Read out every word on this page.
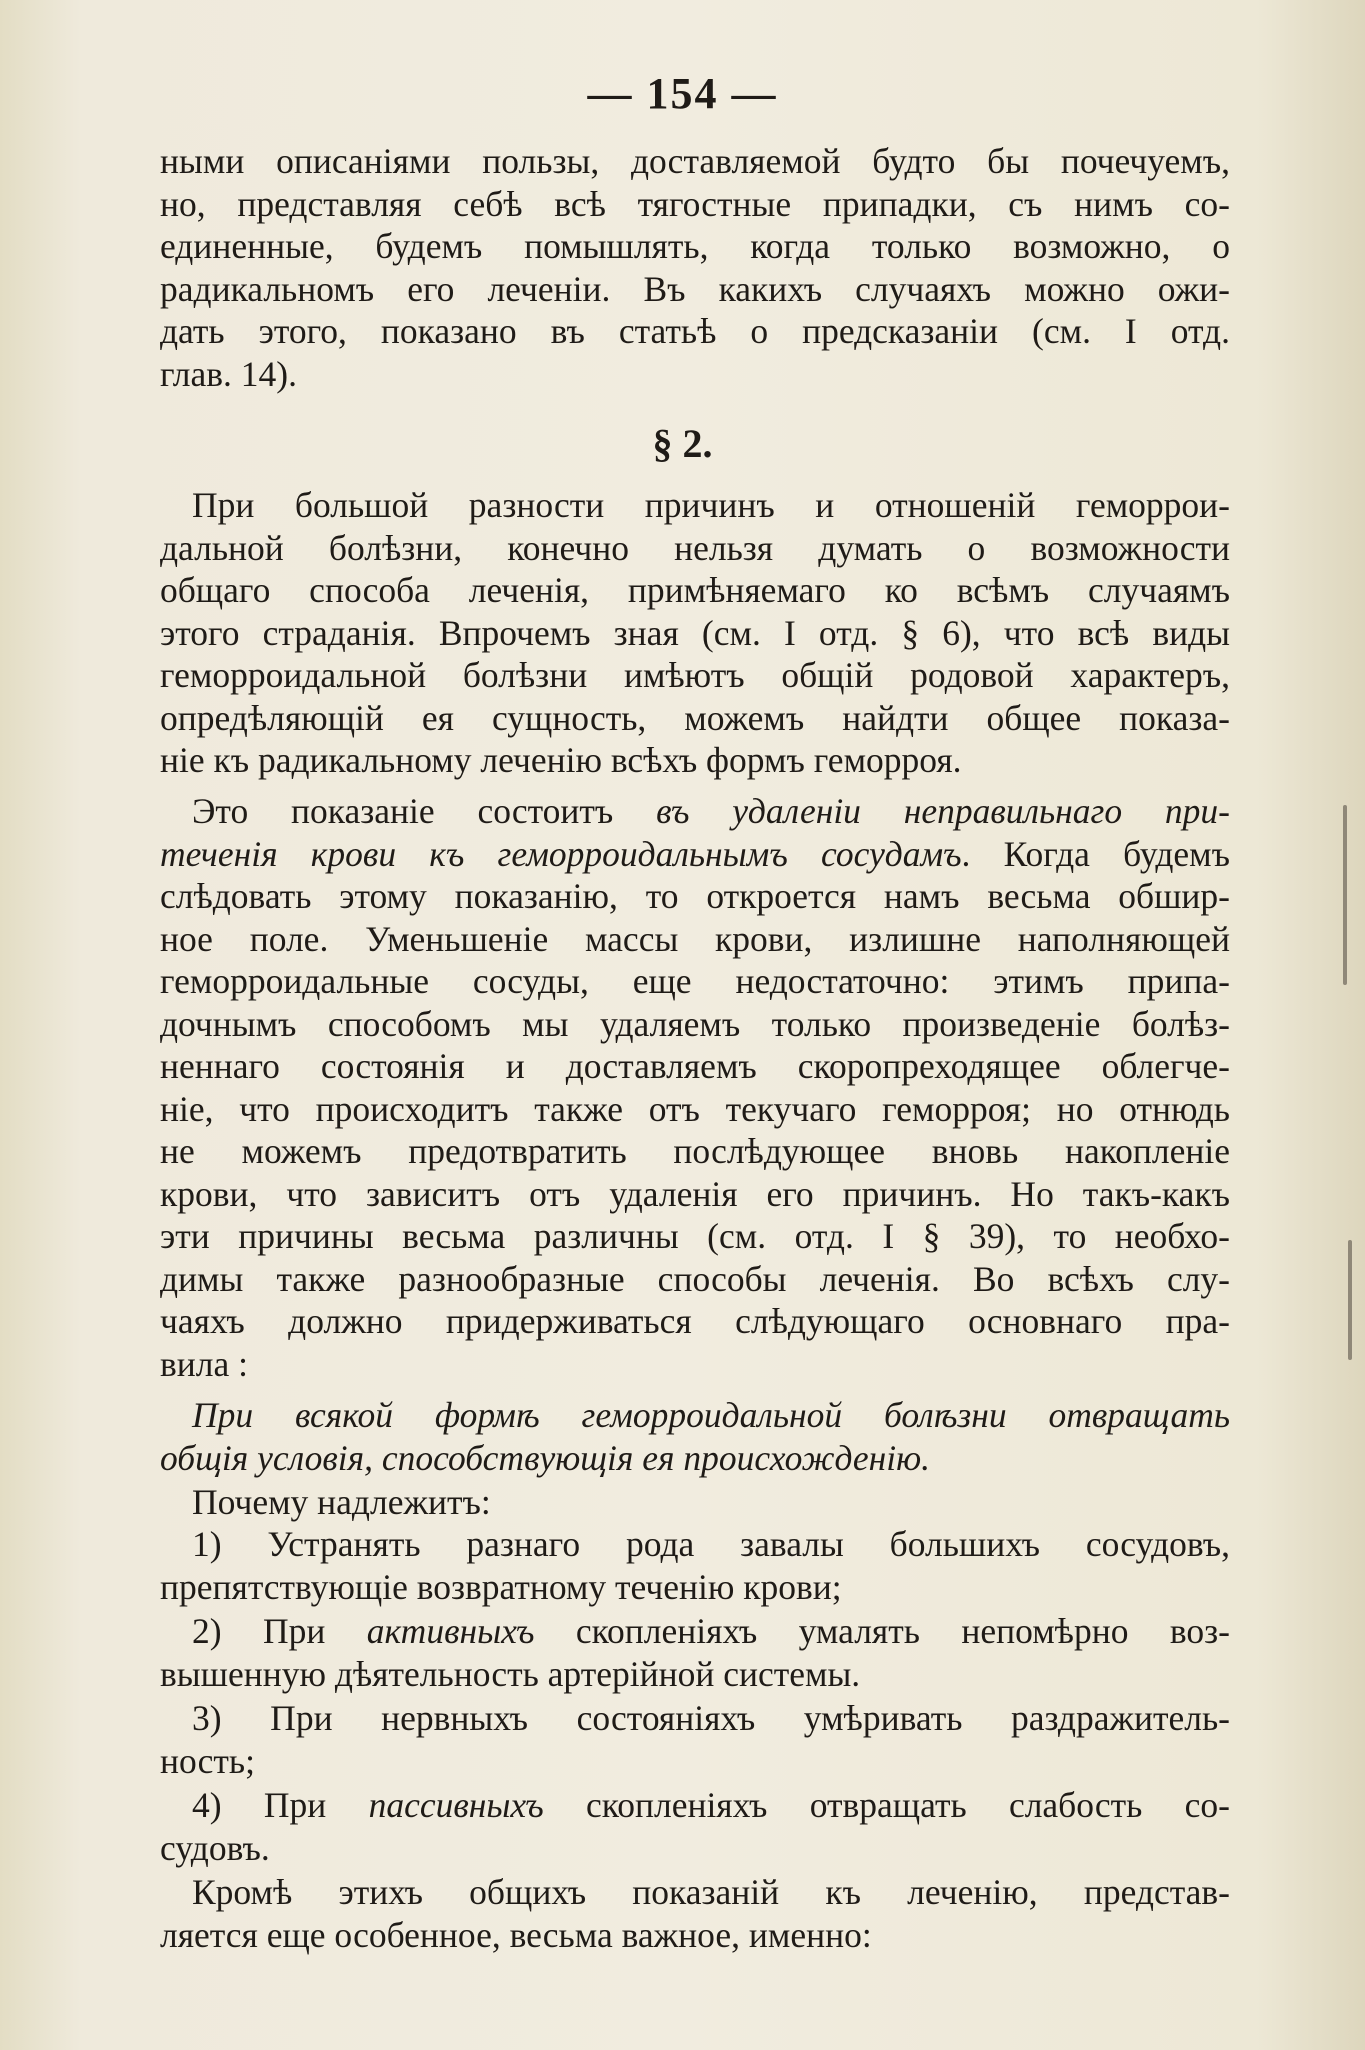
— 154 —
ными описаніями пользы, доставляемой будто бы почечуемъ,
но, представляя себѣ всѣ тягостные припадки, съ нимъ со-
единенные, будемъ помышлять, когда только возможно, о
радикальномъ его леченіи. Въ какихъ случаяхъ можно ожи-
дать этого, показано въ статьѣ о предсказаніи (см. I отд.
глав. 14).
§ 2.
При большой разности причинъ и отношеній геморрои-
дальной болѣзни, конечно нельзя думать о возможности
общаго способа леченія, примѣняемаго ко всѣмъ случаямъ
этого страданія. Впрочемъ зная (см. I отд. § 6), что всѣ виды
геморроидальной болѣзни имѣютъ общій родовой характеръ,
опредѣляющій ея сущность, можемъ найдти общее показа-
ніе къ радикальному леченію всѣхъ формъ геморроя.
Это показаніе состоитъ въ удаленіи неправильнаго при-
теченія крови къ геморроидальнымъ сосудамъ. Когда будемъ
слѣдовать этому показанію, то откроется намъ весьма обшир-
ное поле. Уменьшеніе массы крови, излишне наполняющей
геморроидальные сосуды, еще недостаточно: этимъ припа-
дочнымъ способомъ мы удаляемъ только произведеніе болѣз-
неннаго состоянія и доставляемъ скоропреходящее облегче-
ніе, что происходитъ также отъ текучаго геморроя; но отнюдь
не можемъ предотвратить послѣдующее вновь накопленіе
крови, что зависитъ отъ удаленія его причинъ. Но такъ-какъ
эти причины весьма различны (см. отд. I § 39), то необхо-
димы также разнообразные способы леченія. Во всѣхъ слу-
чаяхъ должно придерживаться слѣдующаго основнаго пра-
вила :
При всякой формѣ геморроидальной болѣзни отвращать
общія условія, способствующія ея происхожденію.
Почему надлежитъ:
1) Устранять разнаго рода завалы большихъ сосудовъ,
препятствующіе возвратному теченію крови;
2) При активныхъ скопленіяхъ умалять непомѣрно воз-
вышенную дѣятельность артерійной системы.
3) При нервныхъ состояніяхъ умѣривать раздражитель-
ность;
4) При пассивныхъ скопленіяхъ отвращать слабость со-
судовъ.
Кромѣ этихъ общихъ показаній къ леченію, представ-
ляется еще особенное, весьма важное, именно:
